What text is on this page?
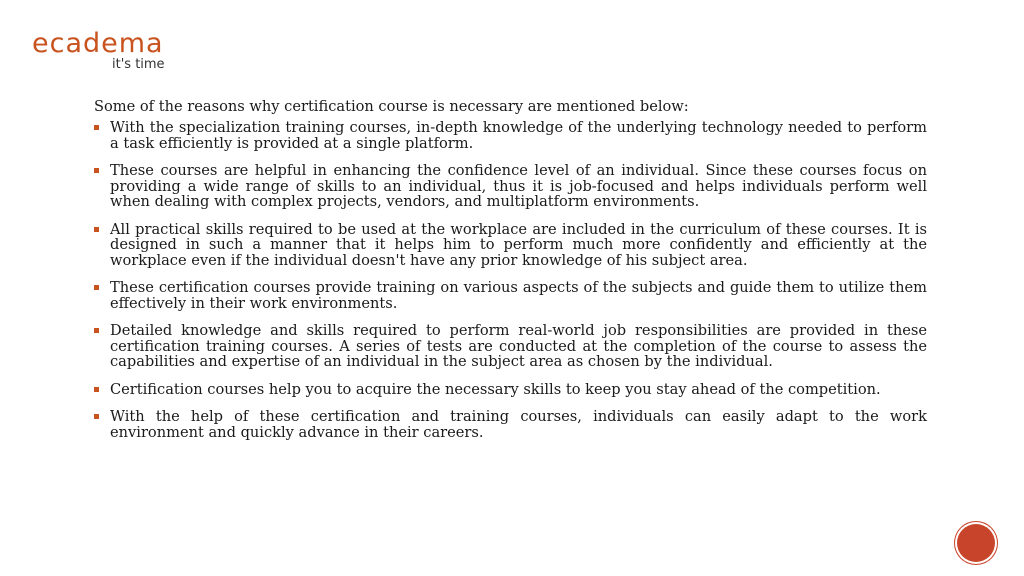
ecadema
it's time

Some of the reasons why certification course is necessary are mentioned below:

With the specialization training courses, in-depth knowledge of the underlying technology needed to perform a task efficiently is provided at a single platform.
These courses are helpful in enhancing the confidence level of an individual. Since these courses focus on providing a wide range of skills to an individual, thus it is job-focused and helps individuals perform well when dealing with complex projects, vendors, and multiplatform environments.
All practical skills required to be used at the workplace are included in the curriculum of these courses. It is designed in such a manner that it helps him to perform much more confidently and efficiently at the workplace even if the individual doesn't have any prior knowledge of his subject area.
These certification courses provide training on various aspects of the subjects and guide them to utilize them effectively in their work environments.
Detailed knowledge and skills required to perform real-world job responsibilities are provided in these certification training courses. A series of tests are conducted at the completion of the course to assess the capabilities and expertise of an individual in the subject area as chosen by the individual.
Certification courses help you to acquire the necessary skills to keep you stay ahead of the competition.
With the help of these certification and training courses, individuals can easily adapt to the work environment and quickly advance in their careers.
